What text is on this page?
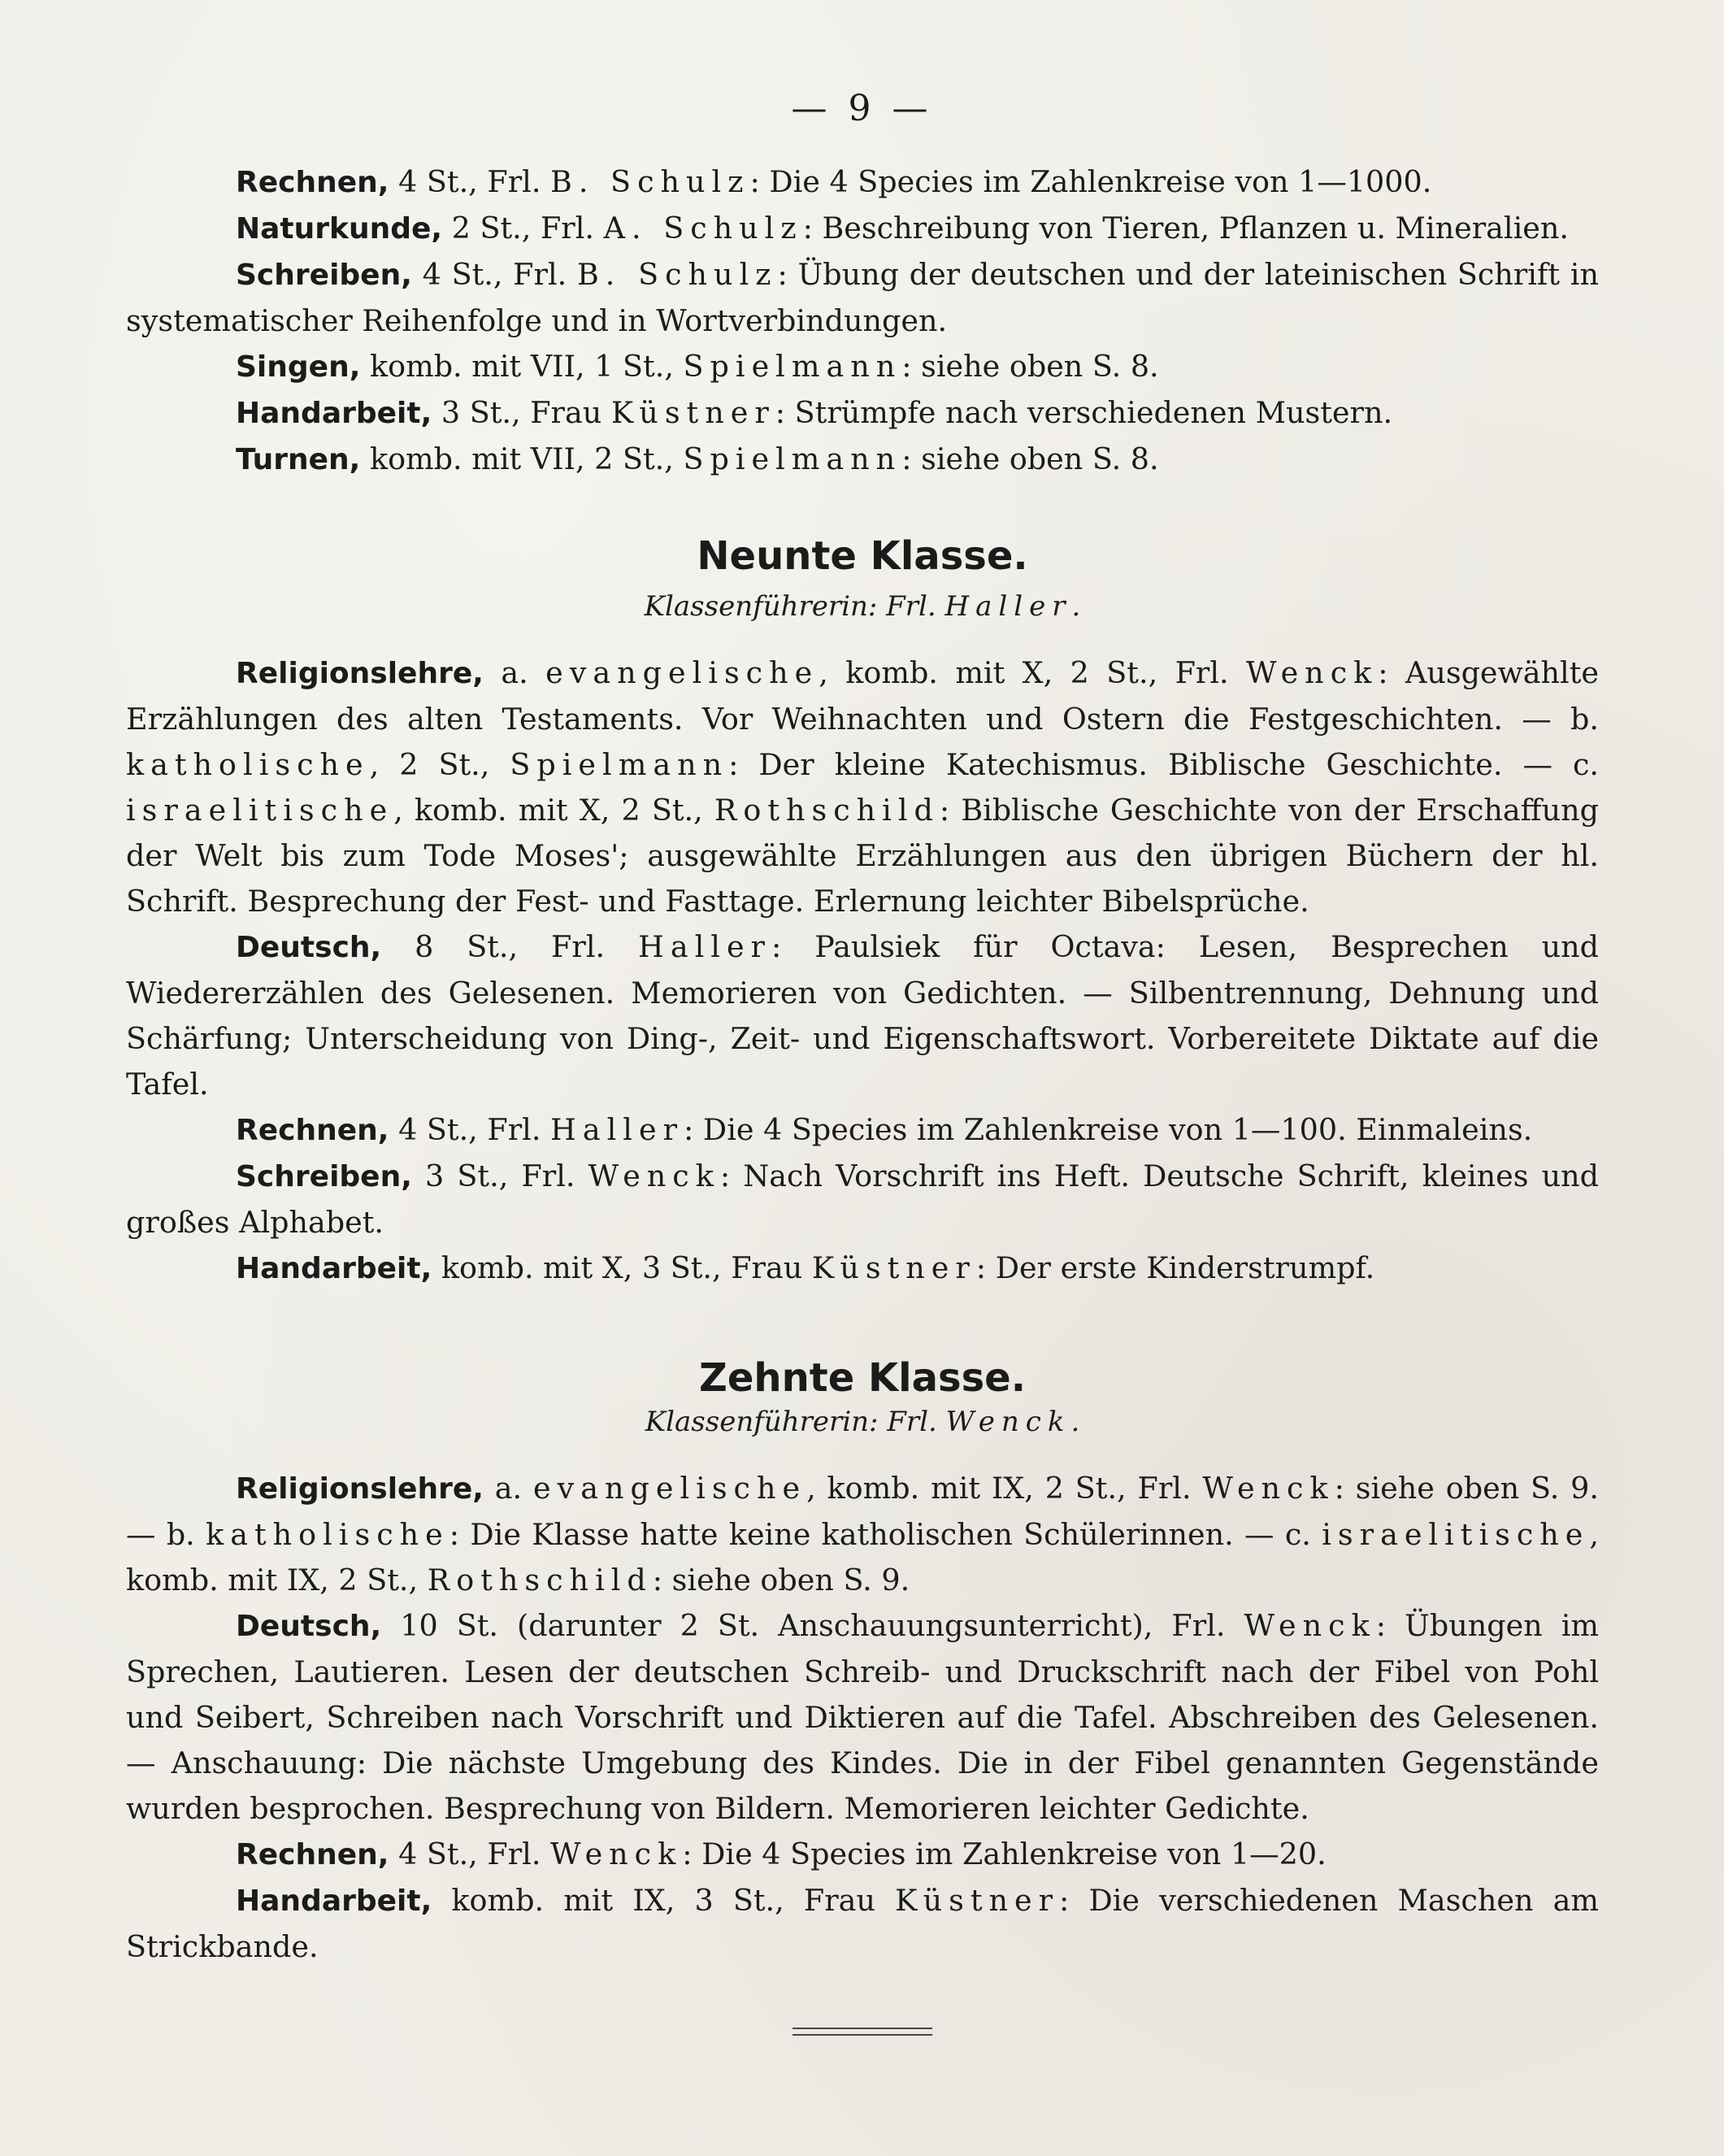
— 9 —

Rechnen, 4 St., Frl. B. Schulz: Die 4 Species im Zahlenkreise von 1—1000.

Naturkunde, 2 St., Frl. A. Schulz: Beschreibung von Tieren, Pflanzen u. Mineralien.

Schreiben, 4 St., Frl. B. Schulz: Übung der deutschen und der lateinischen Schrift in systematischer Reihenfolge und in Wortverbindungen.

Singen, komb. mit VII, 1 St., Spielmann: siehe oben S. 8.

Handarbeit, 3 St., Frau Küstner: Strümpfe nach verschiedenen Mustern.

Turnen, komb. mit VII, 2 St., Spielmann: siehe oben S. 8.

Neunte Klasse.

Klassenführerin: Frl. Haller.

Religionslehre, a. evangelische, komb. mit X, 2 St., Frl. Wenck: Ausgewählte Erzählungen des alten Testaments. Vor Weihnachten und Ostern die Festgeschichten. — b. katholische, 2 St., Spielmann: Der kleine Katechismus. Biblische Geschichte. — c. israelitische, komb. mit X, 2 St., Rothschild: Biblische Geschichte von der Erschaffung der Welt bis zum Tode Moses'; ausgewählte Erzählungen aus den übrigen Büchern der hl. Schrift. Besprechung der Fest- und Fasttage. Erlernung leichter Bibelsprüche.

Deutsch, 8 St., Frl. Haller: Paulsiek für Octava: Lesen, Besprechen und Wiedererzählen des Gelesenen. Memorieren von Gedichten. — Silbentrennung, Dehnung und Schärfung; Unterscheidung von Ding-, Zeit- und Eigenschaftswort. Vorbereitete Diktate auf die Tafel.

Rechnen, 4 St., Frl. Haller: Die 4 Species im Zahlenkreise von 1—100. Einmaleins.

Schreiben, 3 St., Frl. Wenck: Nach Vorschrift ins Heft. Deutsche Schrift, kleines und großes Alphabet.

Handarbeit, komb. mit X, 3 St., Frau Küstner: Der erste Kinderstrumpf.

Zehnte Klasse.

Klassenführerin: Frl. Wenck.

Religionslehre, a. evangelische, komb. mit IX, 2 St., Frl. Wenck: siehe oben S. 9. — b. katholische: Die Klasse hatte keine katholischen Schülerinnen. — c. israelitische, komb. mit IX, 2 St., Rothschild: siehe oben S. 9.

Deutsch, 10 St. (darunter 2 St. Anschauungsunterricht), Frl. Wenck: Übungen im Sprechen, Lautieren. Lesen der deutschen Schreib- und Druckschrift nach der Fibel von Pohl und Seibert, Schreiben nach Vorschrift und Diktieren auf die Tafel. Abschreiben des Gelesenen. — Anschauung: Die nächste Umgebung des Kindes. Die in der Fibel genannten Gegenstände wurden besprochen. Besprechung von Bildern. Memorieren leichter Gedichte.

Rechnen, 4 St., Frl. Wenck: Die 4 Species im Zahlenkreise von 1—20.

Handarbeit, komb. mit IX, 3 St., Frau Küstner: Die verschiedenen Maschen am Strickbande.
